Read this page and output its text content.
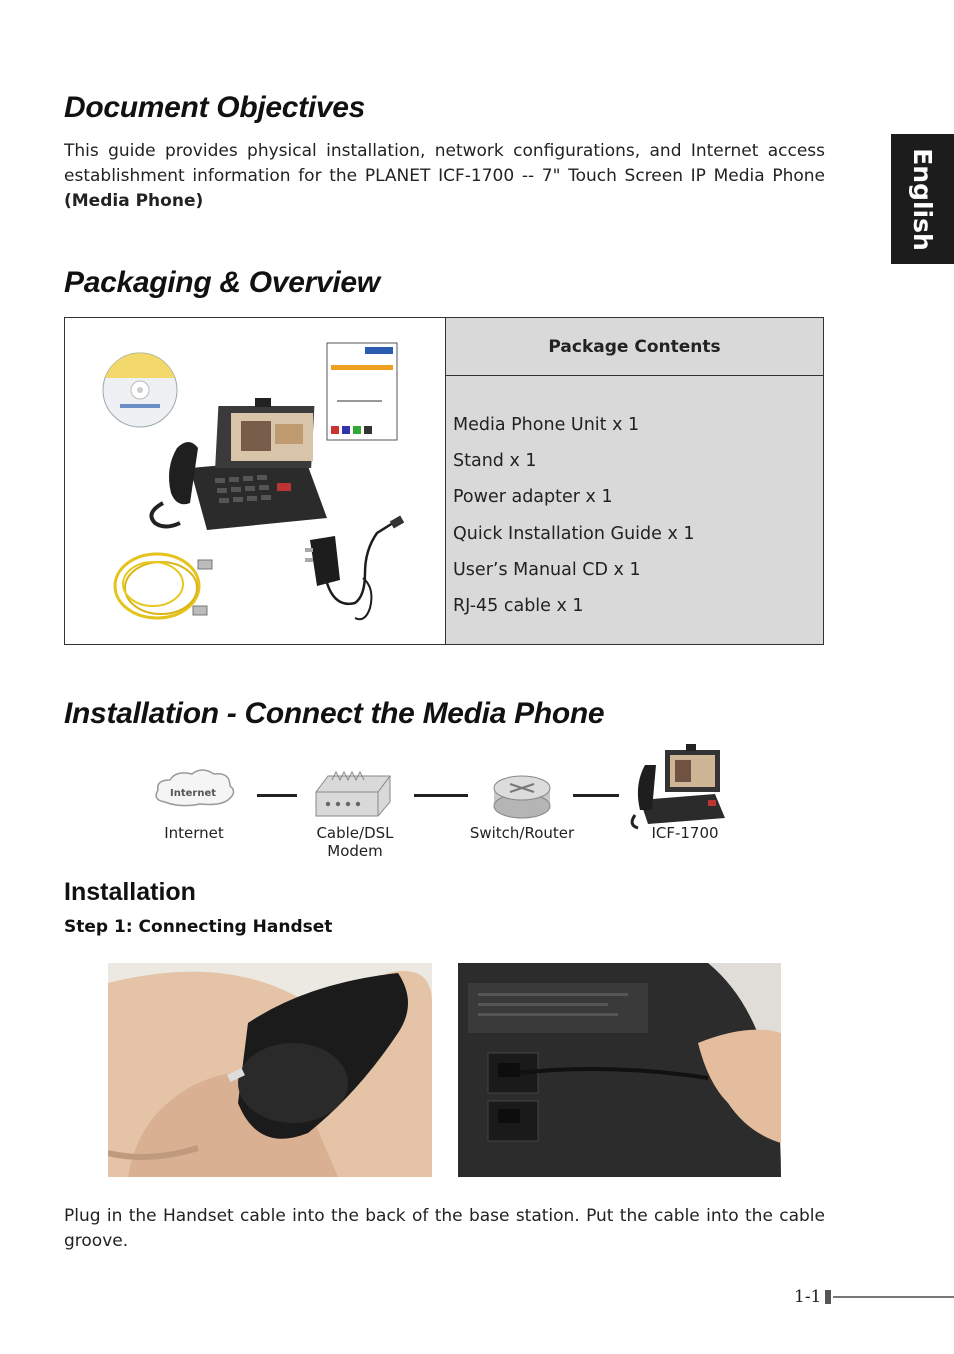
English
Document Objectives

This guide provides physical installation, network configurations, and Internet access establishment information for the PLANET ICF-1700 -- 7" Touch Screen IP Media Phone (Media Phone)

Packaging & Overview
Package Contents
Media Phone Unit x 1
Stand x 1
Power adapter x 1
Quick Installation Guide x 1
User’s Manual CD x 1
RJ-45 cable x 1
Installation - Connect the Media Phone
Internet
Internet	Cable/DSL
Modem
Switch/Router	ICF-1700
Installation
Step 1: Connecting Handset

Plug in the Handset cable into the back of the base station. Put the cable into the cable groove.

1-1
